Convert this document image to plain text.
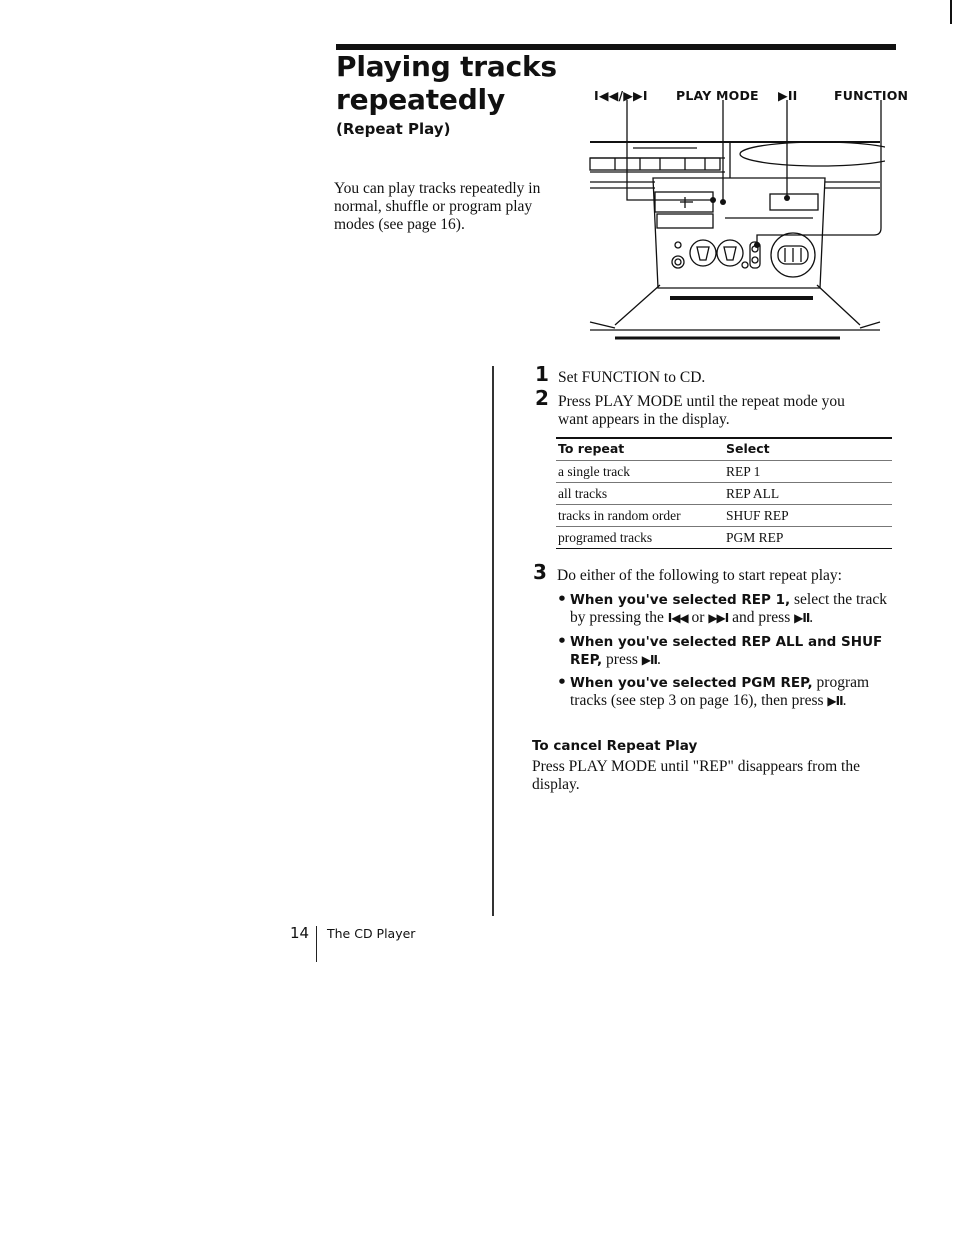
Playing tracks repeatedly
(Repeat Play)
You can play tracks repeatedly in normal, shuffle or program play modes (see page 16).
I◀◀/▶▶I PLAY MODE ▶II	FUNCTION
1 Set FUNCTION to CD.
2 Press PLAY MODE until the repeat mode you want appears in the display.
To repeat	Select
a single track	REP 1
all tracks	REP ALL
tracks in random order	SHUF REP
programed tracks	PGM REP
3 Do either of the following to start repeat play:
• When you've selected REP 1, select the track by pressing the I◀◀ or ▶▶I and press ▶II.
• When you've selected REP ALL and SHUF REP, press ▶II.
• When you've selected PGM REP, program tracks (see step 3 on page 16), then press ▶II.
To cancel Repeat Play
Press PLAY MODE until "REP" disappears from the display.
14 The CD Player
